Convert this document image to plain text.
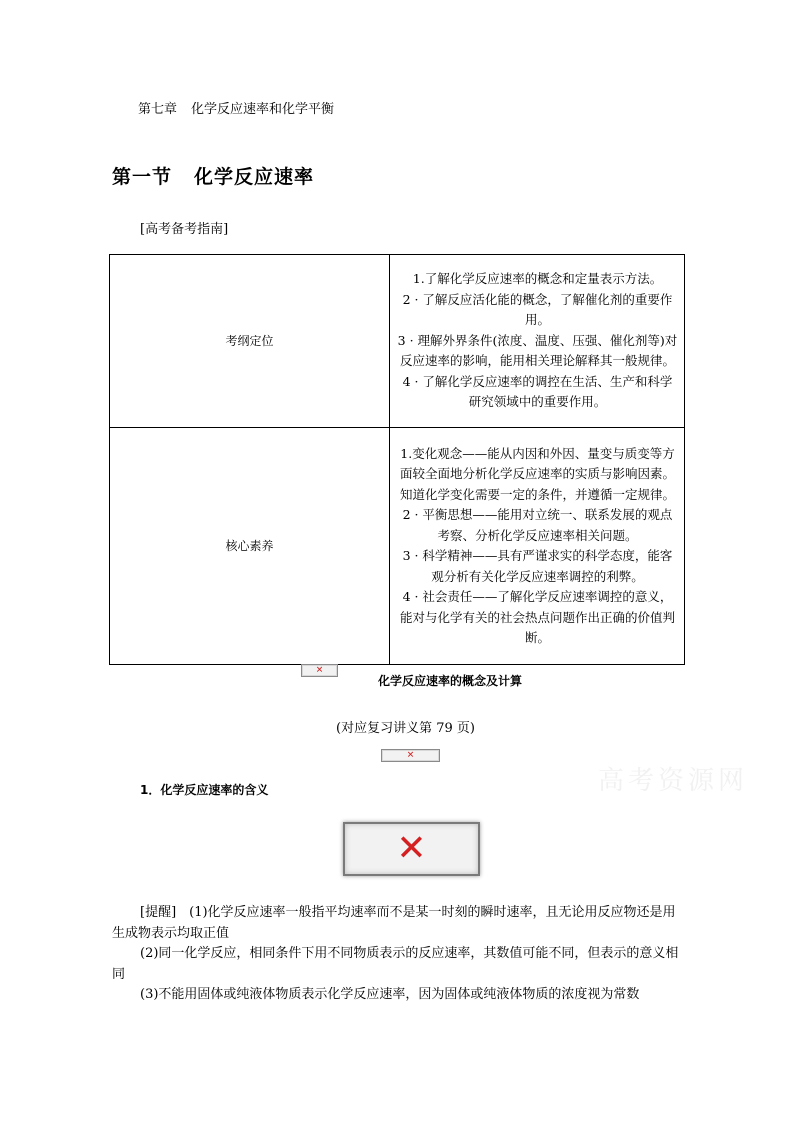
第七章 化学反应速率和化学平衡
第一节 化学反应速率
[高考备考指南]
考纲定位	1.了解化学反应速率的概念和定量表示方法。

2 · 了解反应活化能的概念，了解催化剂的重要作用。

3 · 理解外界条件(浓度、温度、压强、催化剂等)对反应速率的影响，能用相关理论解释其一般规律。

4 · 了解化学反应速率的调控在生活、生产和科学研究领域中的重要作用。

核心素养	1.变化观念——能从内因和外因、量变与质变等方面较全面地分析化学反应速率的实质与影响因素。知道化学变化需要一定的条件，并遵循一定规律。

2 · 平衡思想——能用对立统一、联系发展的观点考察、分析化学反应速率相关问题。

3 · 科学精神——具有严谨求实的科学态度，能客观分析有关化学反应速率调控的利弊。

4 · 社会责任——了解化学反应速率调控的意义，能对与化学有关的社会热点问题作出正确的价值判断。

✕
化学反应速率的概念及计算
(对应复习讲义第 79 页)
✕
高考资源网
1．化学反应速率的含义
✕

[提醒]　(1)化学反应速率一般指平均速率而不是某一时刻的瞬时速率，且无论用反应物还是用生成物表示均取正值

(2)同一化学反应，相同条件下用不同物质表示的反应速率，其数值可能不同，但表示的意义相同

(3)不能用固体或纯液体物质表示化学反应速率，因为固体或纯液体物质的浓度视为常数
